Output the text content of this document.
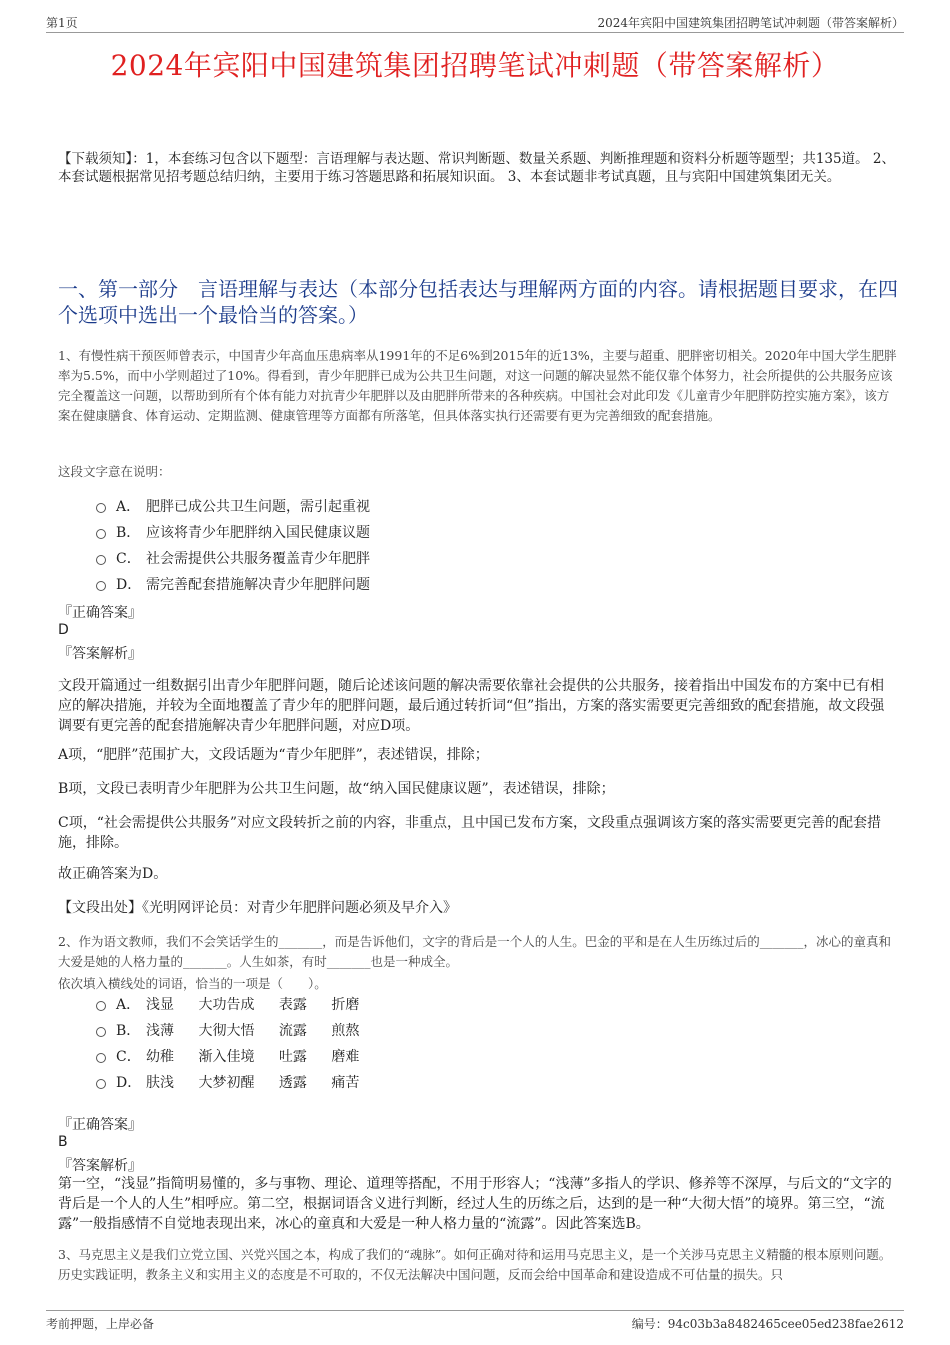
第1页	2024年宾阳中国建筑集团招聘笔试冲刺题（带答案解析）
2024年宾阳中国建筑集团招聘笔试冲刺题（带答案解析）
【下载须知】：1，本套练习包含以下题型：言语理解与表达题、常识判断题、数量关系题、判断推理题和资料分析题等题型；共135道。 2、本套试题根据常见招考题总结归纳，主要用于练习答题思路和拓展知识面。 3、本套试题非考试真题，且与宾阳中国建筑集团无关。
一、第一部分　言语理解与表达（本部分包括表达与理解两方面的内容。请根据题目要求，在四个选项中选出一个最恰当的答案。）
1、有慢性病干预医师曾表示，中国青少年高血压患病率从1991年的不足6%到2015年的近13%，主要与超重、肥胖密切相关。2020年中国大学生肥胖率为5.5%，而中小学则超过了10%。得看到，青少年肥胖已成为公共卫生问题，对这一问题的解决显然不能仅靠个体努力，社会所提供的公共服务应该完全覆盖这一问题，以帮助到所有个体有能力对抗青少年肥胖以及由肥胖所带来的各种疾病。中国社会对此印发《儿童青少年肥胖防控实施方案》，该方案在健康膳食、体育运动、定期监测、健康管理等方面都有所落笔，但具体落实执行还需要有更为完善细致的配套措施。
这段文字意在说明：
A． 肥胖已成公共卫生问题，需引起重视
B． 应该将青少年肥胖纳入国民健康议题
C． 社会需提供公共服务覆盖青少年肥胖
D． 需完善配套措施解决青少年肥胖问题
『正确答案』
D
『答案解析』
文段开篇通过一组数据引出青少年肥胖问题，随后论述该问题的解决需要依靠社会提供的公共服务，接着指出中国发布的方案中已有相应的解决措施，并较为全面地覆盖了青少年的肥胖问题，最后通过转折词“但”指出，方案的落实需要更完善细致的配套措施，故文段强调要有更完善的配套措施解决青少年肥胖问题，对应D项。
A项，“肥胖”范围扩大，文段话题为“青少年肥胖”，表述错误，排除；
B项，文段已表明青少年肥胖为公共卫生问题，故“纳入国民健康议题”，表述错误，排除；
C项，“社会需提供公共服务”对应文段转折之前的内容，非重点，且中国已发布方案，文段重点强调该方案的落实需要更完善的配套措施，排除。
故正确答案为D。
【文段出处】《光明网评论员：对青少年肥胖问题必须及早介入》
2、作为语文教师，我们不会笑话学生的_______，而是告诉他们，文字的背后是一个人的人生。巴金的平和是在人生历练过后的_______，冰心的童真和大爱是她的人格力量的_______。人生如茶，有时_______也是一种成全。
依次填入横线处的词语，恰当的一项是（　　）。
A． 浅显 大功告成 表露 折磨
B． 浅薄 大彻大悟 流露 煎熬
C． 幼稚 渐入佳境 吐露 磨难
D． 肤浅 大梦初醒 透露 痛苦
『正确答案』
B
『答案解析』
第一空，“浅显”指简明易懂的，多与事物、理论、道理等搭配，不用于形容人；“浅薄”多指人的学识、修养等不深厚，与后文的“文字的背后是一个人的人生”相呼应。第二空，根据词语含义进行判断，经过人生的历练之后，达到的是一种“大彻大悟”的境界。第三空，“流露”一般指感情不自觉地表现出来，冰心的童真和大爱是一种人格力量的“流露”。因此答案选B。
3、马克思主义是我们立党立国、兴党兴国之本，构成了我们的“魂脉”。如何正确对待和运用马克思主义，是一个关涉马克思主义精髓的根本原则问题。历史实践证明，教条主义和实用主义的态度是不可取的，不仅无法解决中国问题，反而会给中国革命和建设造成不可估量的损失。只
考前押题，上岸必备	编号：94c03b3a8482465cee05ed238fae2612
